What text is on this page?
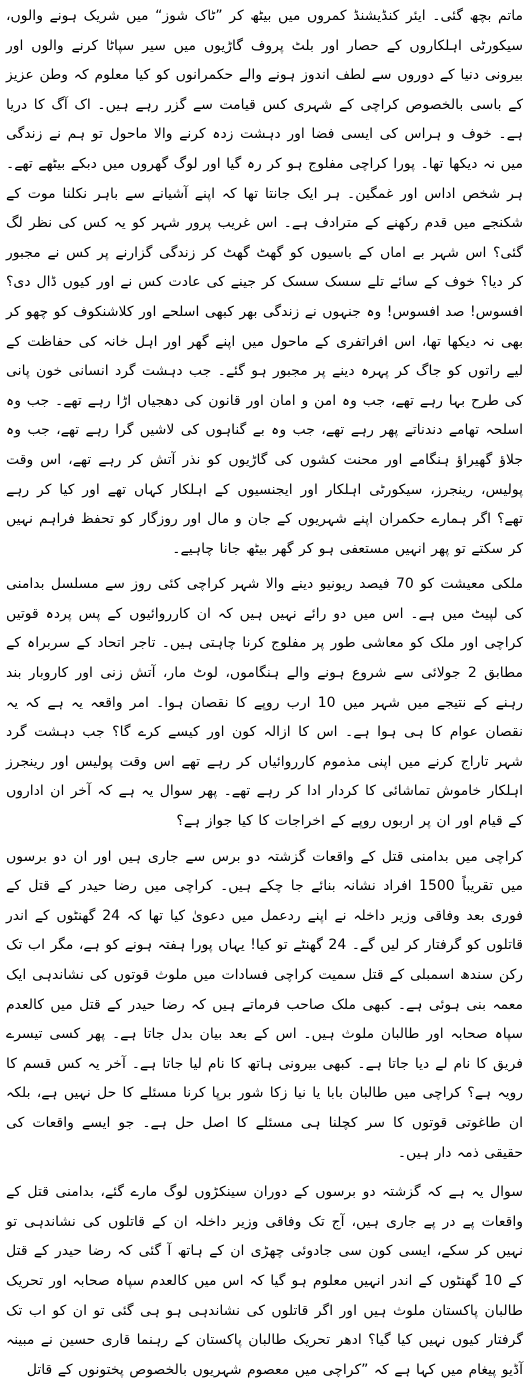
ماتم بچھ گئی۔ ایئر کنڈیشنڈ کمروں میں بیٹھ کر ”ٹاک شوز“ میں شریک ہونے والوں، سیکورٹی اہلکاروں کے حصار اور بلٹ پروف گاڑیوں میں سیر سپاٹا کرنے والوں اور بیرونی دنیا کے دوروں سے لطف اندوز ہونے والے حکمرانوں کو کیا معلوم کہ وطن عزیز کے باسی بالخصوص کراچی کے شہری کس قیامت سے گزر رہے ہیں۔ اک آگ کا دریا ہے۔ خوف و ہراس کی ایسی فضا اور دہشت زدہ کرنے والا ماحول تو ہم نے زندگی میں نہ دیکھا تھا۔ پورا کراچی مفلوج ہو کر رہ گیا اور لوگ گھروں میں دبکے بیٹھے تھے۔ ہر شخص اداس اور غمگین۔ ہر ایک جانتا تھا کہ اپنے آشیانے سے باہر نکلنا موت کے شکنجے میں قدم رکھنے کے مترادف ہے۔ اس غریب پرور شہر کو یہ کس کی نظر لگ گئی؟ اس شہر بے اماں کے باسیوں کو گھٹ گھٹ کر زندگی گزارنے پر کس نے مجبور کر دیا؟ خوف کے سائے تلے سسک سسک کر جینے کی عادت کس نے اور کیوں ڈال دی؟ افسوس! صد افسوس! وہ جنہوں نے زندگی بھر کبھی اسلحے اور کلاشنکوف کو چھو کر بھی نہ دیکھا تھا، اس افراتفری کے ماحول میں اپنے گھر اور اہل خانہ کی حفاظت کے لیے راتوں کو جاگ کر پہرہ دینے پر مجبور ہو گئے۔ جب دہشت گرد انسانی خون پانی کی طرح بہا رہے تھے، جب وہ امن و امان اور قانون کی دھجیاں اڑا رہے تھے۔ جب وہ اسلحہ تھامے دندناتے پھر رہے تھے، جب وہ بے گناہوں کی لاشیں گرا رہے تھے، جب وہ جلاؤ گھیراؤ ہنگامے اور محنت کشوں کی گاڑیوں کو نذر آتش کر رہے تھے، اس وقت پولیس، رینجرز، سیکورٹی اہلکار اور ایجنسیوں کے اہلکار کہاں تھے اور کیا کر رہے تھے؟ اگر ہمارے حکمران اپنے شہریوں کے جان و مال اور روزگار کو تحفظ فراہم نہیں کر سکتے تو پھر انہیں مستعفی ہو کر گھر بیٹھ جانا چاہیے۔

ملکی معیشت کو 70 فیصد ریونیو دینے والا شہر کراچی کئی روز سے مسلسل بدامنی کی لپیٹ میں ہے۔ اس میں دو رائے نہیں ہیں کہ ان کارروائیوں کے پس پردہ قوتیں کراچی اور ملک کو معاشی طور پر مفلوج کرنا چاہتی ہیں۔ تاجر اتحاد کے سربراہ کے مطابق 2 جولائی سے شروع ہونے والے ہنگاموں، لوٹ مار، آتش زنی اور کاروبار بند رہنے کے نتیجے میں شہر میں 10 ارب روپے کا نقصان ہوا۔ امر واقعہ یہ ہے کہ یہ نقصان عوام کا ہی ہوا ہے۔ اس کا ازالہ کون اور کیسے کرے گا؟ جب دہشت گرد شہر تاراج کرنے میں اپنی مذموم کارروائیاں کر رہے تھے اس وقت پولیس اور رینجرز اہلکار خاموش تماشائی کا کردار ادا کر رہے تھے۔ پھر سوال یہ ہے کہ آخر ان اداروں کے قیام اور ان پر اربوں روپے کے اخراجات کا کیا جواز ہے؟

کراچی میں بدامنی قتل کے واقعات گزشتہ دو برس سے جاری ہیں اور ان دو برسوں میں تقریباً 1500 افراد نشانہ بنائے جا چکے ہیں۔ کراچی میں رضا حیدر کے قتل کے فوری بعد وفاقی وزیر داخلہ نے اپنے ردعمل میں دعویٰ کیا تھا کہ 24 گھنٹوں کے اندر قاتلوں کو گرفتار کر لیں گے۔ 24 گھنٹے تو کیا! یہاں پورا ہفتہ ہونے کو ہے، مگر اب تک رکن سندھ اسمبلی کے قتل سمیت کراچی فسادات میں ملوث قوتوں کی نشاندہی ایک معمہ بنی ہوئی ہے۔ کبھی ملک صاحب فرماتے ہیں کہ رضا حیدر کے قتل میں کالعدم سپاہ صحابہ اور طالبان ملوث ہیں۔ اس کے بعد بیان بدل جاتا ہے۔ پھر کسی تیسرے فریق کا نام لے دیا جاتا ہے۔ کبھی بیرونی ہاتھ کا نام لیا جاتا ہے۔ آخر یہ کس قسم کا رویہ ہے؟ کراچی میں طالبان بابا یا نیا زکا شور برپا کرنا مسئلے کا حل نہیں ہے، بلکہ ان طاغوتی قوتوں کا سر کچلنا ہی مسئلے کا اصل حل ہے۔ جو ایسے واقعات کی حقیقی ذمہ دار ہیں۔

سوال یہ ہے کہ گزشتہ دو برسوں کے دوران سینکڑوں لوگ مارے گئے، بدامنی قتل کے واقعات پے در پے جاری ہیں، آج تک وفاقی وزیر داخلہ ان کے قاتلوں کی نشاندہی تو نہیں کر سکے، ایسی کون سی جادوئی چھڑی ان کے ہاتھ آ گئی کہ رضا حیدر کے قتل کے 10 گھنٹوں کے اندر انہیں معلوم ہو گیا کہ اس میں کالعدم سپاہ صحابہ اور تحریک طالبان پاکستان ملوث ہیں اور اگر قاتلوں کی نشاندہی ہو ہی گئی تو ان کو اب تک گرفتار کیوں نہیں کیا گیا؟ ادھر تحریک طالبان پاکستان کے رہنما قاری حسین نے مبینہ آڈیو پیغام میں کہا ہے کہ ”کراچی میں معصوم شہریوں بالخصوص پختونوں کے قاتل
